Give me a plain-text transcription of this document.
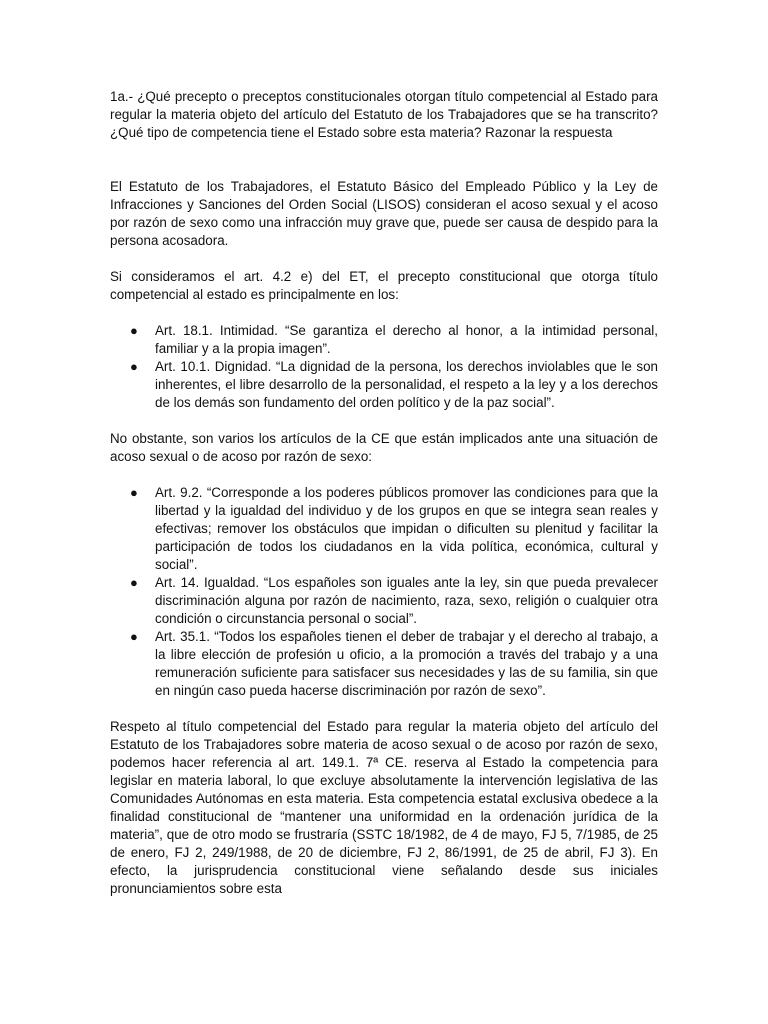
1a.- ¿Qué precepto o preceptos constitucionales otorgan título competencial al Estado para regular la materia objeto del artículo del Estatuto de los Trabajadores que se ha transcrito? ¿Qué tipo de competencia tiene el Estado sobre esta materia? Razonar la respuesta

El Estatuto de los Trabajadores, el Estatuto Básico del Empleado Público y la Ley de Infracciones y Sanciones del Orden Social (LISOS) consideran el acoso sexual y el acoso por razón de sexo como una infracción muy grave que, puede ser causa de despido para la persona acosadora.

Si consideramos el art. 4.2 e) del ET, el precepto constitucional que otorga título competencial al estado es principalmente en los:

● Art. 18.1. Intimidad. “Se garantiza el derecho al honor, a la intimidad personal, familiar y a la propia imagen”.
● Art. 10.1. Dignidad. “La dignidad de la persona, los derechos inviolables que le son inherentes, el libre desarrollo de la personalidad, el respeto a la ley y a los derechos de los demás son fundamento del orden político y de la paz social”.

No obstante, son varios los artículos de la CE que están implicados ante una situación de acoso sexual o de acoso por razón de sexo:

● Art. 9.2. “Corresponde a los poderes públicos promover las condiciones para que la libertad y la igualdad del individuo y de los grupos en que se integra sean reales y efectivas; remover los obstáculos que impidan o dificulten su plenitud y facilitar la participación de todos los ciudadanos en la vida política, económica, cultural y social”.
● Art. 14. Igualdad. “Los españoles son iguales ante la ley, sin que pueda prevalecer discriminación alguna por razón de nacimiento, raza, sexo, religión o cualquier otra condición o circunstancia personal o social”.
● Art. 35.1. “Todos los españoles tienen el deber de trabajar y el derecho al trabajo, a la libre elección de profesión u oficio, a la promoción a través del trabajo y a una remuneración suficiente para satisfacer sus necesidades y las de su familia, sin que en ningún caso pueda hacerse discriminación por razón de sexo”.

Respeto al título competencial del Estado para regular la materia objeto del artículo del Estatuto de los Trabajadores sobre materia de acoso sexual o de acoso por razón de sexo, podemos hacer referencia al art. 149.1. 7ª CE. reserva al Estado la competencia para legislar en materia laboral, lo que excluye absolutamente la intervención legislativa de las Comunidades Autónomas en esta materia. Esta competencia estatal exclusiva obedece a la finalidad constitucional de “mantener una uniformidad en la ordenación jurídica de la materia”, que de otro modo se frustraría (SSTC 18/1982, de 4 de mayo, FJ 5, 7/1985, de 25 de enero, FJ 2, 249/1988, de 20 de diciembre, FJ 2, 86/1991, de 25 de abril, FJ 3). En efecto, la jurisprudencia constitucional viene señalando desde sus iniciales pronunciamientos sobre esta
